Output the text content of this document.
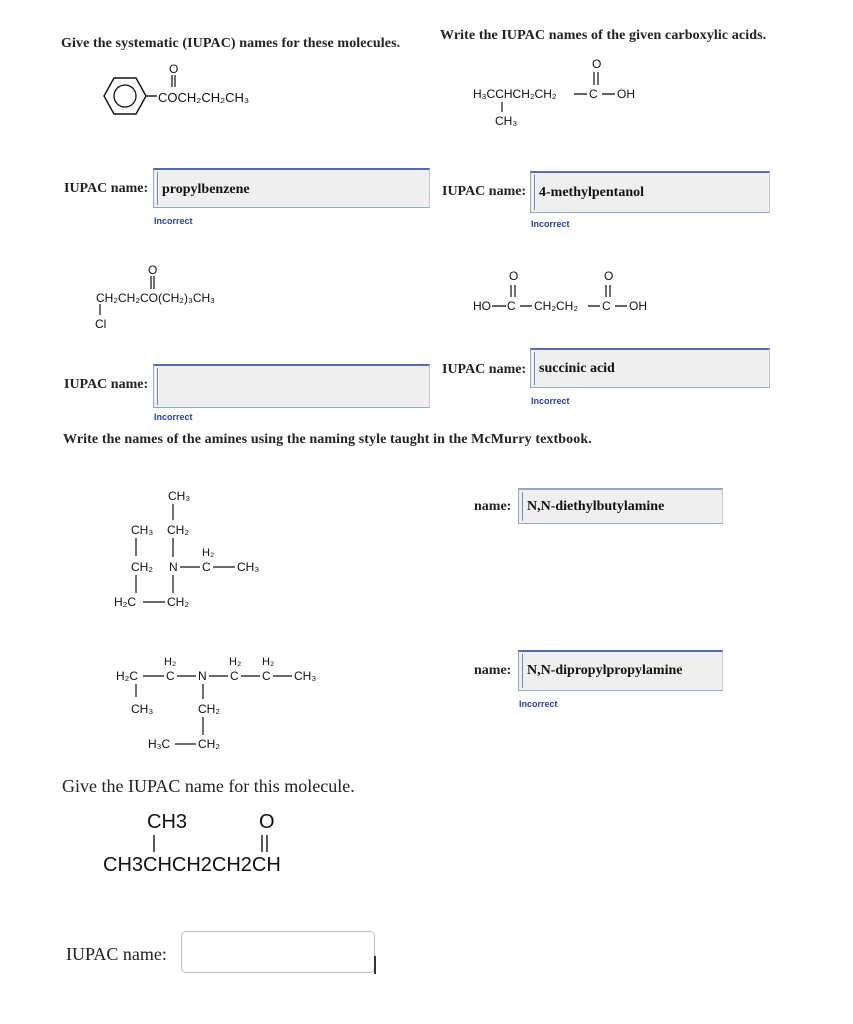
Give the systematic (IUPAC) names for these molecules.
O
COCH₂CH₂CH₃
IUPAC name: propylbenzene
Incorrect
O
CH₂CH₂CO(CH₂)₃CH₃
Cl
IUPAC name:
Incorrect
Write the IUPAC names of the given carboxylic acids.
O
H₃CCHCH₂CH₂	C OH
CH₃
IUPAC name: 4-methylpentanol
Incorrect
O	O
HO C CH₂CH₂ C OH
IUPAC name: succinic acid
Incorrect
Write the names of the amines using the naming style taught in the McMurry textbook.
CH₃
CH₃ CH₂
H₂
CH₂ N C CH₃
H₂C	CH₂
name: N,N-diethylbutylamine
H₂	H₂ H₂
H₂C C N C C CH₃
CH₃	CH₂
H₃C CH₂
name: N,N-dipropylpropylamine
Incorrect
Give the IUPAC name for this molecule.
CH3	O
CH3CHCH2CH2CH
IUPAC name:
